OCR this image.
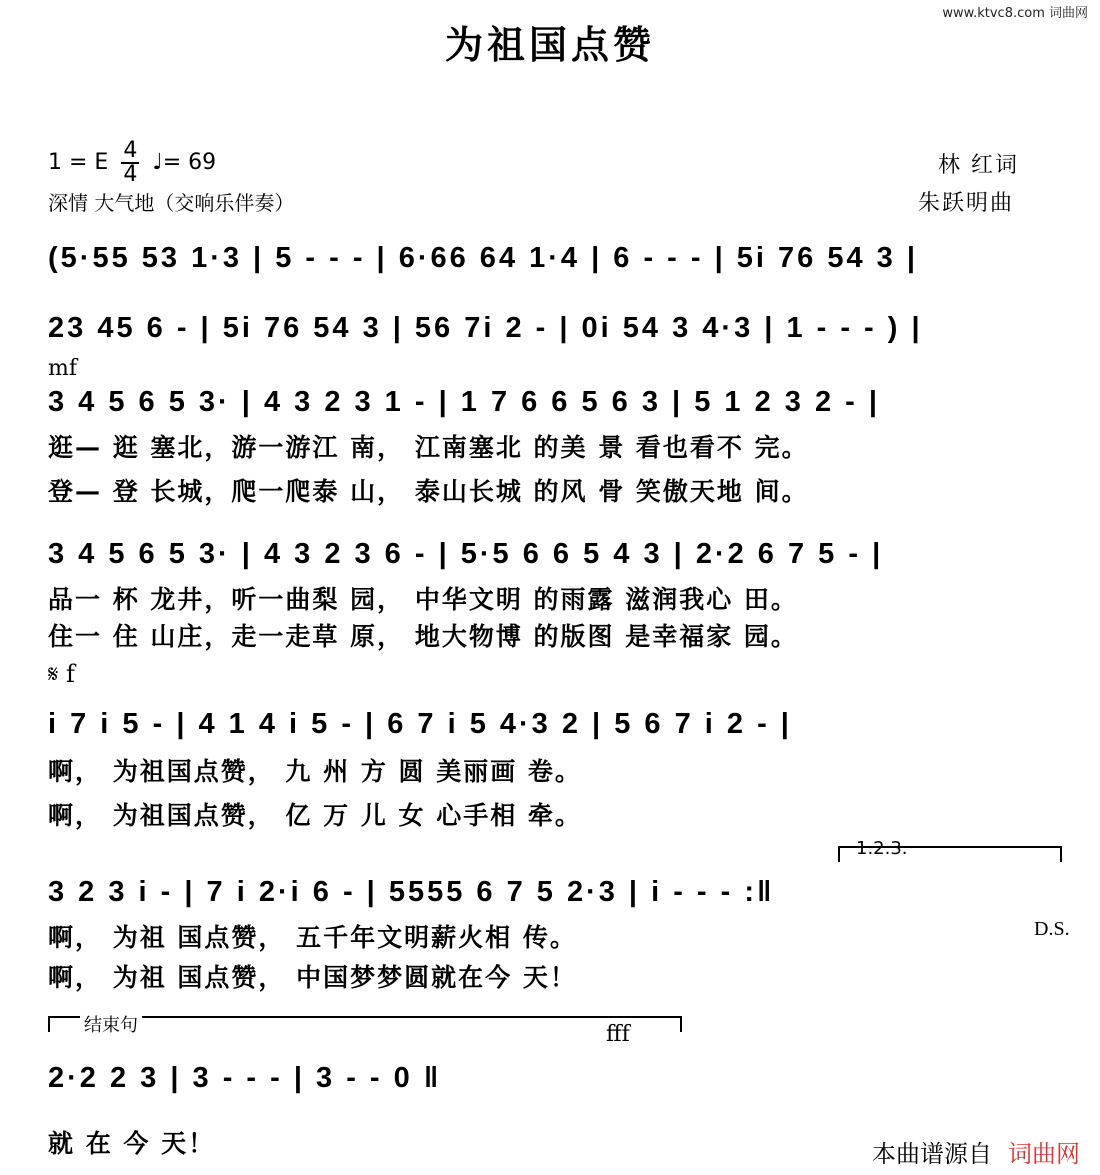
为祖国点赞
www.ktvc8.com 词曲网
1 = E $\frac{4}{4}$ ♩= 69
深情 大气地（交响乐伴奏）
林 红词
朱跃明曲
(5·55 53 1·3 | 5 - - - | 6·66 64 1·4 | 6 - - - | 5i 76 54 3 |
23 45 6 - | 5i 76 54 3 | 56 7i 2 - | 0i 54 3 4·3 | 1 - - - ) |
mf
3 4 5 6 5 3· | 4 3 2 3 1 - | 1 7 6 6 5 6 3 | 5 1 2 3 2 - |
逛— 逛 塞北，游一游江 南， 江南塞北 的美 景 看也看不 完。
登— 登 长城，爬一爬泰 山， 泰山长城 的风 骨 笑傲天地 间。
3 4 5 6 5 3· | 4 3 2 3 6 - | 5·5 6 6 5 4 3 | 2·2 6 7 5 - |
品一 杯 龙井，听一曲梨 园， 中华文明 的雨露 滋润我心 田。
住一 住 山庄，走一走草 原， 地大物博 的版图 是幸福家 园。
𝄋 f
i 7 i 5 - | 4 1 4 i 5 - | 6 7 i 5 4·3 2 | 5 6 7 i 2 - |
啊， 为祖国点赞， 九 州 方 圆 美丽画 卷。
啊， 为祖国点赞， 亿 万 儿 女 心手相 牵。
1.2.3.
3 2 3 i - | 7 i 2·i 6 - | 5555 6 7 5 2·3 | i - - - :‖
啊， 为祖 国点赞， 五千年文明薪火相 传。	D.S.
啊， 为祖 国点赞， 中国梦梦圆就在今 天！
结束句	fff
2·2 2 3 | 3 - - - | 3 - - 0 ‖
就 在 今 天！	本曲谱源自 词曲网
